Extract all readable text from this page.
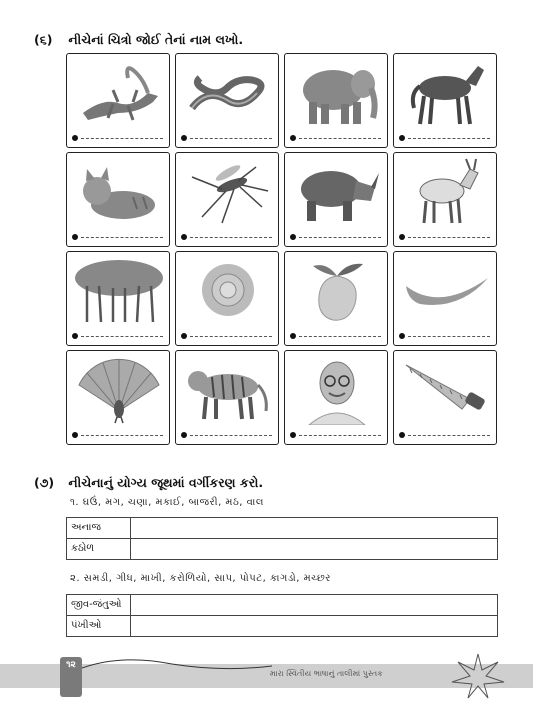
(૬) નીચેનાં ચિત્રો જોઈ તેનાં નામ લખો.
(૭) નીચેનાનું યોગ્ય જૂથમાં વર્ગીકરણ કરો.
૧. ઘઉં, મગ, ચણા, મકાઈ, બાજરી, મઠ, વાલ
અનાજ
કઠોળ
૨. સમડી, ગીધ, માખી, કરોળિયો, સાપ, પોપટ, કાગડો, મચ્છર
જીવ-જંતુઓ
પંખીઓ
મારા સ્વિતીય ભાષાનું તાલીમાં પુસ્તક
૧૨
